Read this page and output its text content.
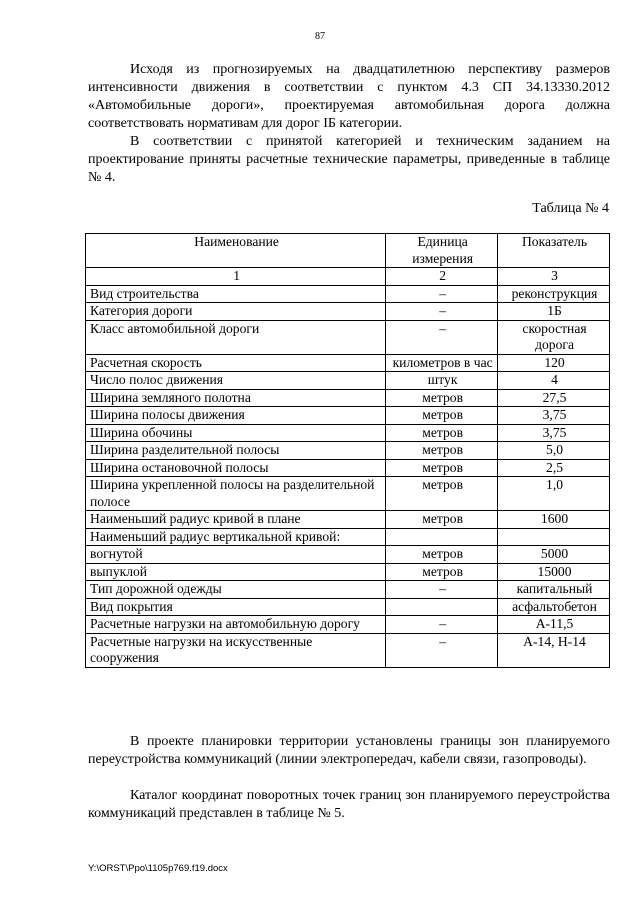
87

Исходя из прогнозируемых на двадцатилетнюю перспективу размеров интенсивности движения в соответствии с пунктом 4.3 СП 34.13330.2012 «Автомобильные дороги», проектируемая автомобильная дорога должна соответствовать нормативам для дорог IБ категории.

В соответствии с принятой категорией и техническим заданием на проектирование приняты расчетные технические параметры, приведенные в таблице № 4.

Таблица № 4
Наименование	Единица измерения	Показатель
1	2	3
Вид строительства	–	реконструкция
Категория дороги	–	1Б
Класс автомобильной дороги	–	скоростная дорога
Расчетная скорость	километров в час	120
Число полос движения	штук	4
Ширина земляного полотна	метров	27,5
Ширина полосы движения	метров	3,75
Ширина обочины	метров	3,75
Ширина разделительной полосы	метров	5,0
Ширина остановочной полосы	метров	2,5
Ширина укрепленной полосы на разделительной полосе	метров	1,0
Наименьший радиус кривой в плане	метров	1600
Наименьший радиус вертикальной кривой:		
вогнутой	метров	5000
выпуклой	метров	15000
Тип дорожной одежды	–	капитальный
Вид покрытия		асфальтобетон
Расчетные нагрузки на автомобильную дорогу	–	А-11,5
Расчетные нагрузки на искусственные сооружения	–	А-14, Н-14

В проекте планировки территории установлены границы зон планируемого переустройства коммуникаций (линии электропередач, кабели связи, газопроводы).

Каталог координат поворотных точек границ зон планируемого переустройства коммуникаций представлен в таблице № 5.

Y:\ORST\Ppo\1105p769.f19.docx
